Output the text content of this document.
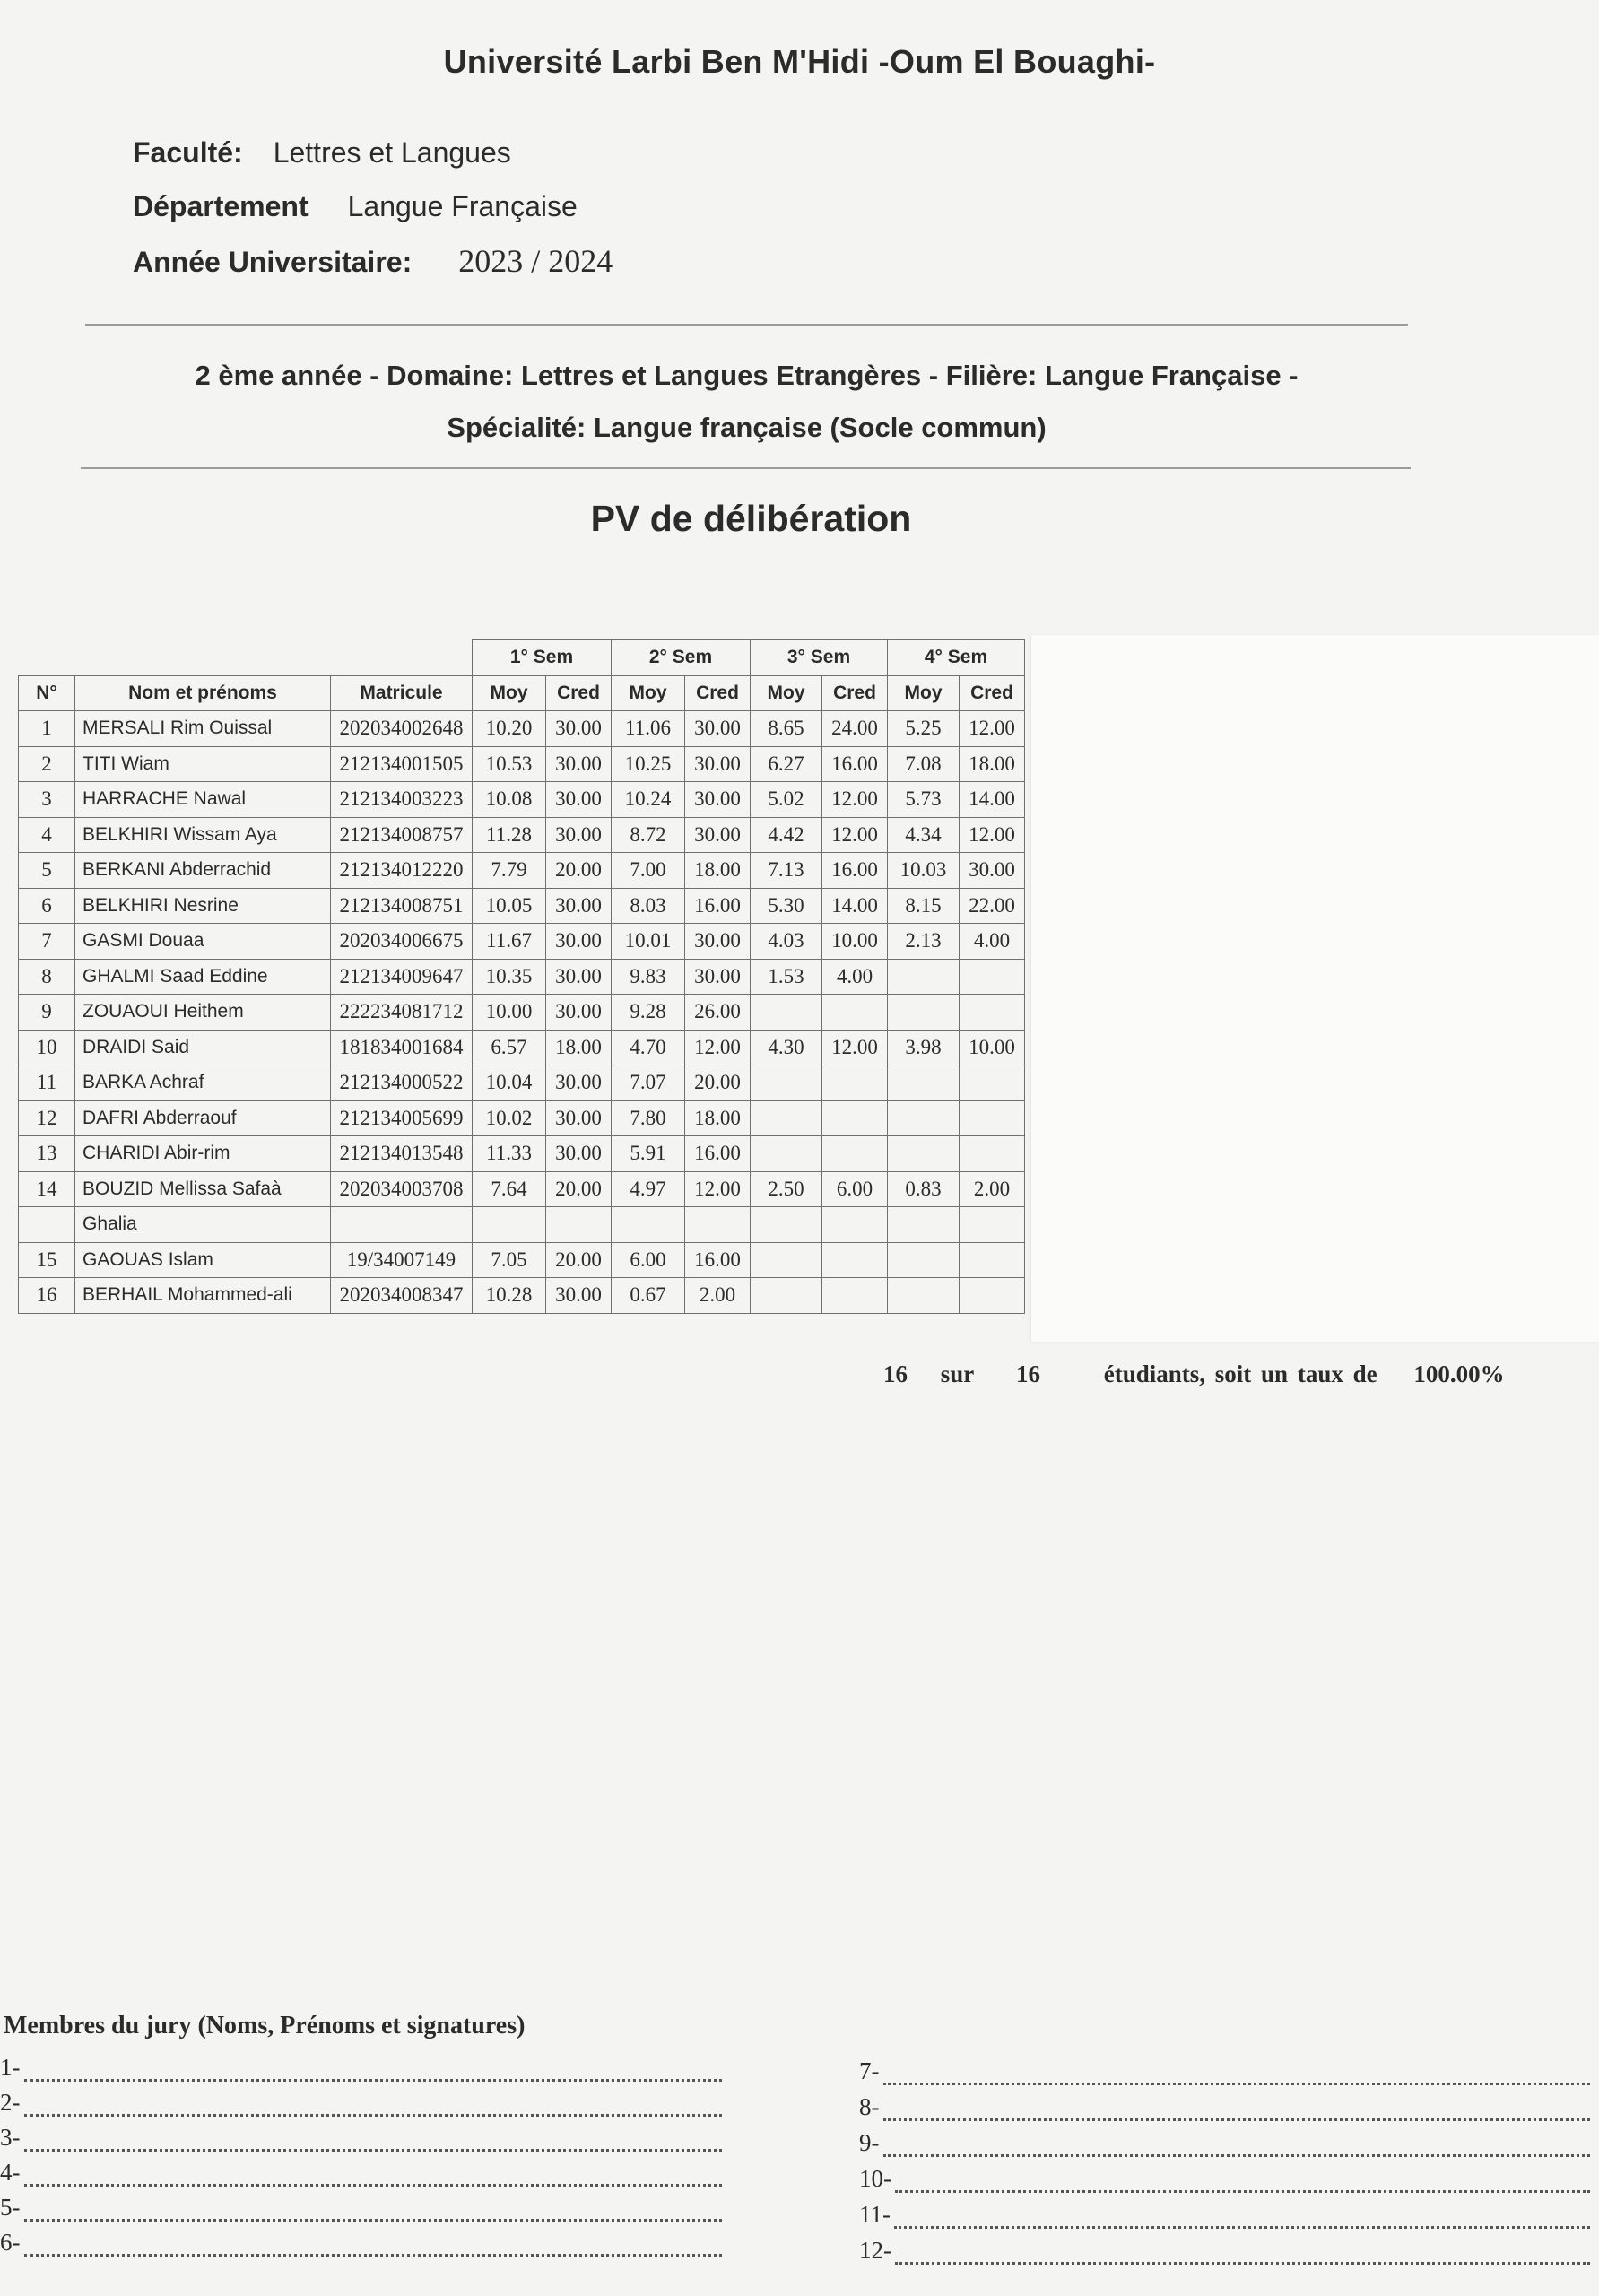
Université Larbi Ben M'Hidi -Oum El Bouaghi-
Faculté: Lettres et Langues
Département Langue Française
Année Universitaire: 2023 / 2024
2 ème année - Domaine: Lettres et Langues Etrangères - Filière: Langue Française -
Spécialité: Langue française (Socle commun)
PV de délibération
			1° Sem		2° Sem		3° Sem		4° Sem	
N°	Nom et prénoms	Matricule	Moy	Cred	Moy	Cred	Moy	Cred	Moy	Cred
1	MERSALI Rim Ouissal	202034002648	10.20	30.00	11.06	30.00	8.65	24.00	5.25	12.00
2	TITI Wiam	212134001505	10.53	30.00	10.25	30.00	6.27	16.00	7.08	18.00
3	HARRACHE Nawal	212134003223	10.08	30.00	10.24	30.00	5.02	12.00	5.73	14.00
4	BELKHIRI Wissam Aya	212134008757	11.28	30.00	8.72	30.00	4.42	12.00	4.34	12.00
5	BERKANI Abderrachid	212134012220	7.79	20.00	7.00	18.00	7.13	16.00	10.03	30.00
6	BELKHIRI Nesrine	212134008751	10.05	30.00	8.03	16.00	5.30	14.00	8.15	22.00
7	GASMI Douaa	202034006675	11.67	30.00	10.01	30.00	4.03	10.00	2.13	4.00
8	GHALMI Saad Eddine	212134009647	10.35	30.00	9.83	30.00	1.53	4.00		
9	ZOUAOUI Heithem	222234081712	10.00	30.00	9.28	26.00				
10	DRAIDI Said	181834001684	6.57	18.00	4.70	12.00	4.30	12.00	3.98	10.00
11	BARKA Achraf	212134000522	10.04	30.00	7.07	20.00				
12	DAFRI Abderraouf	212134005699	10.02	30.00	7.80	18.00				
13	CHARIDI Abir-rim	212134013548	11.33	30.00	5.91	16.00				
14	BOUZID Mellissa Safaà	202034003708	7.64	20.00	4.97	12.00	2.50	6.00	0.83	2.00
	Ghalia									
15	GAOUAS Islam	19/34007149	7.05	20.00	6.00	16.00				
16	BERHAIL Mohammed-ali	202034008347	10.28	30.00	0.67	2.00				
16 sur 16	étudiants, soit un taux de 100.00%
Membres du jury (Noms, Prénoms et signatures)
1-
2-
3-
4-
5-
6-
7-
8-
9-
10-
11-
12-
